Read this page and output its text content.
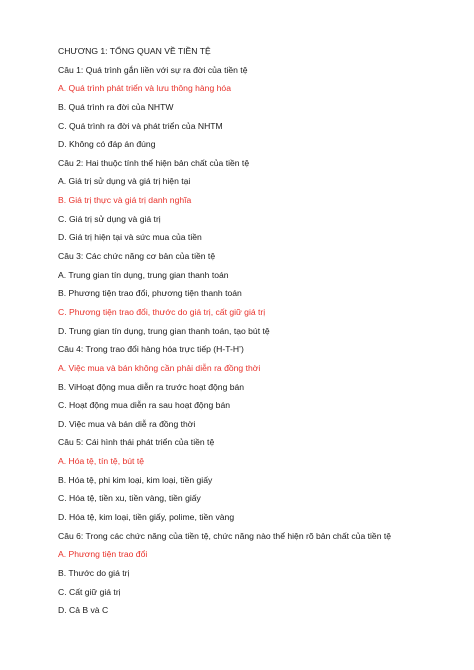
CHƯƠNG 1: TỔNG QUAN VỀ TIỀN TỆ
Câu 1: Quá trình gắn liền với sự ra đời của tiền tệ
A. Quá trình phát triển và lưu thông hàng hóa
B. Quá trình ra đời của NHTW
C. Quá trình ra đời và phát triển của NHTM
D. Không có đáp án đúng
Câu 2: Hai thuộc tính thể hiện bản chất của tiền tệ
A. Giá trị sử dụng và giá trị hiện tại
B. Giá trị thực và giá trị danh nghĩa
C. Giá trị sử dụng và giá trị
D. Giá trị hiện tại và sức mua của tiền
Câu 3: Các chức năng cơ bản của tiền tệ
A. Trung gian tín dụng, trung gian thanh toán
B. Phương tiện trao đổi, phương tiện thanh toán
C. Phương tiện trao đổi, thước do giá trị, cất giữ giá trị
D. Trung gian tín dụng, trung gian thanh toán, tạo bút tệ
Câu 4: Trong trao đổi hàng hóa trực tiếp (H-T-H’)
A. Việc mua và bán không cần phải diễn ra đồng thời
B. ViHoạt động mua diễn ra trước hoạt động bán
C. Hoạt động mua diễn ra sau hoạt động bán
D. Việc mua và bán diễ ra đồng thời
Câu 5: Cái hình thái phát triển của tiền tệ
A. Hóa tệ, tín tệ, bút tệ
B. Hóa tệ, phi kim loại, kim loại, tiền giấy
C. Hóa tệ, tiền xu, tiền vàng, tiền giấy
D. Hóa tệ, kim loại, tiền giấy, polime, tiền vàng
Câu 6: Trong các chức năng của tiền tệ, chức năng nào thể hiện rõ bản chất của tiền tệ
A. Phương tiện trao đổi
B. Thước do giá trị
C. Cất giữ giá trị
D. Cả B và C
